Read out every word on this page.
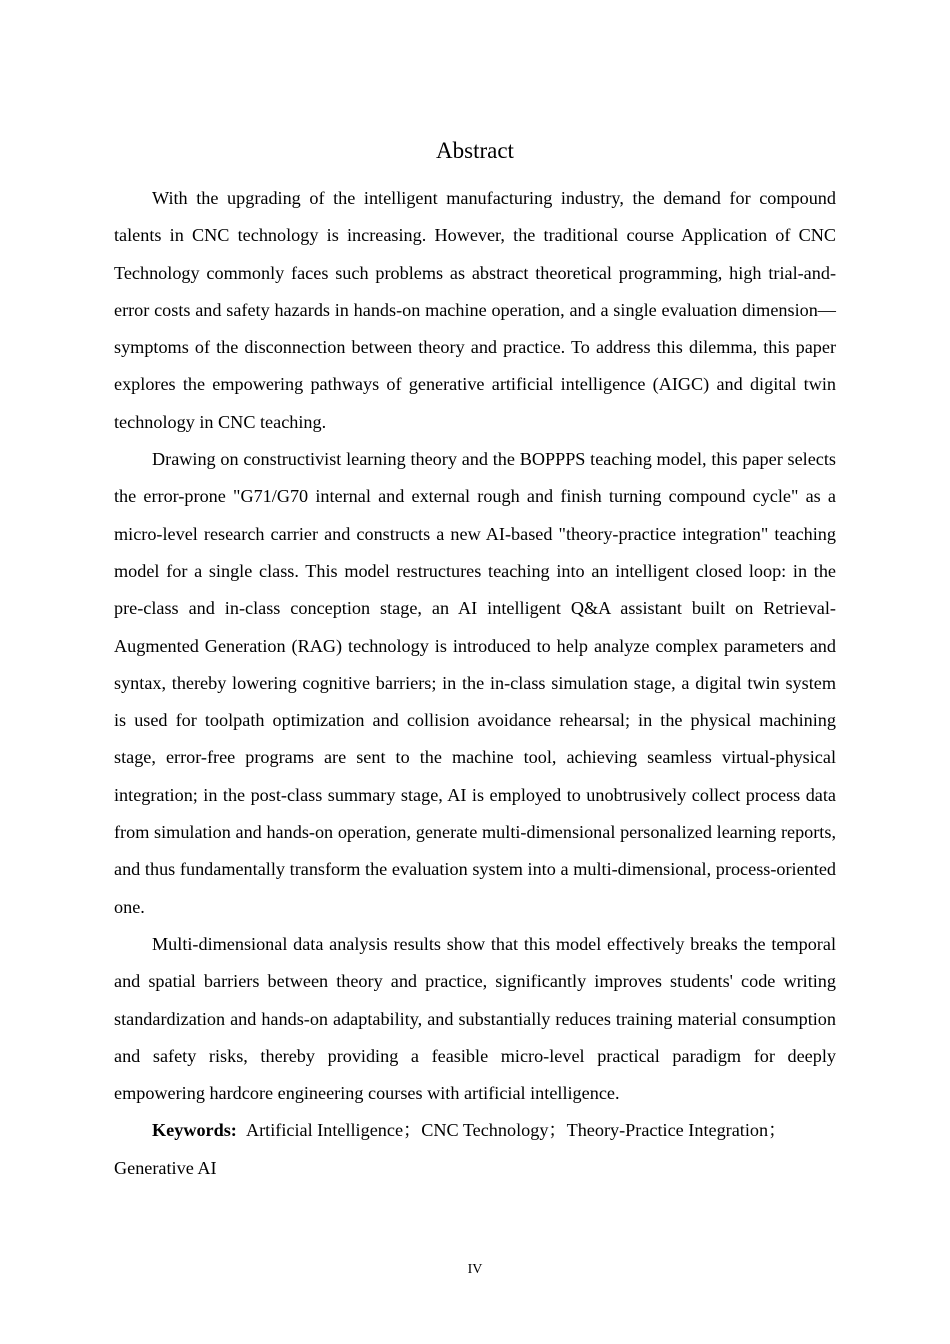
Abstract

With the upgrading of the intelligent manufacturing industry, the demand for compound talents in CNC technology is increasing. However, the traditional course Application of CNC Technology commonly faces such problems as abstract theoretical programming, high trial-and-error costs and safety hazards in hands-on machine operation, and a single evaluation dimension—symptoms of the disconnection between theory and practice. To address this dilemma, this paper explores the empowering pathways of generative artificial intelligence (AIGC) and digital twin technology in CNC teaching.

Drawing on constructivist learning theory and the BOPPPS teaching model, this paper selects the error-prone "G71/G70 internal and external rough and finish turning compound cycle" as a micro-level research carrier and constructs a new AI-based "theory-practice integration" teaching model for a single class. This model restructures teaching into an intelligent closed loop: in the pre-class and in-class conception stage, an AI intelligent Q&A assistant built on Retrieval-Augmented Generation (RAG) technology is introduced to help analyze complex parameters and syntax, thereby lowering cognitive barriers; in the in-class simulation stage, a digital twin system is used for toolpath optimization and collision avoidance rehearsal; in the physical machining stage, error-free programs are sent to the machine tool, achieving seamless virtual-physical integration; in the post-class summary stage, AI is employed to unobtrusively collect process data from simulation and hands-on operation, generate multi-dimensional personalized learning reports, and thus fundamentally transform the evaluation system into a multi-dimensional, process-oriented one.

Multi-dimensional data analysis results show that this model effectively breaks the temporal and spatial barriers between theory and practice, significantly improves students' code writing standardization and hands-on adaptability, and substantially reduces training material consumption and safety risks, thereby providing a feasible micro-level practical paradigm for deeply empowering hardcore engineering courses with artificial intelligence.

Keywords: Artificial Intelligence；CNC Technology；Theory-Practice Integration；Generative AI

IV
